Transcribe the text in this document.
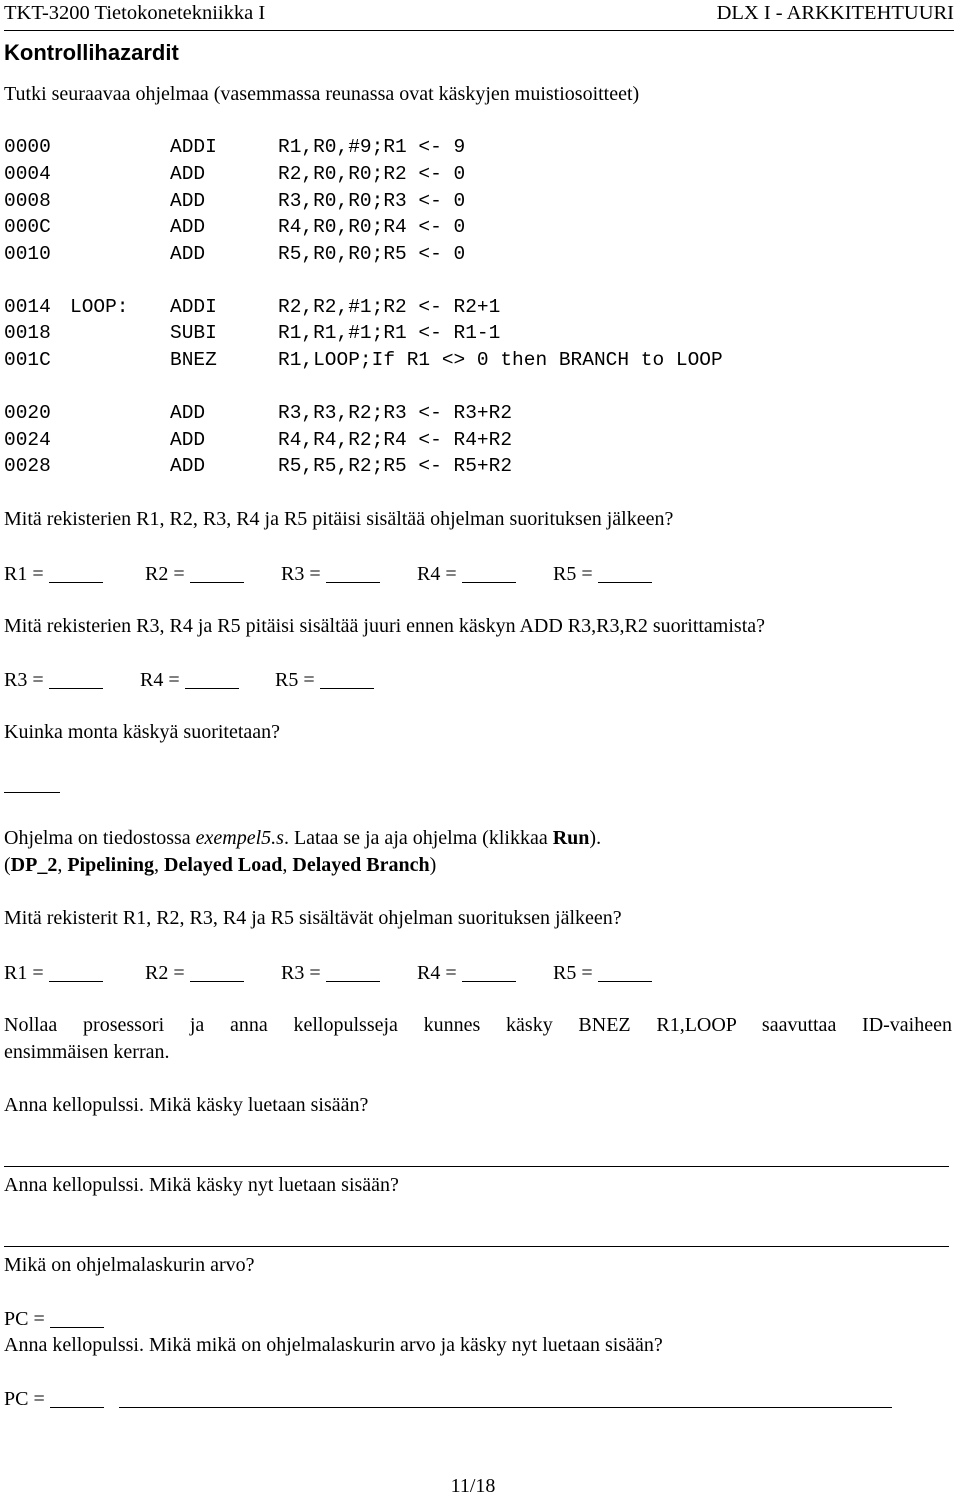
TKT-3200 Tietokonetekniikka I	DLX I - ARKKITEHTUURI
Kontrollihazardit
Tutki seuraavaa ohjelmaa (vasemmassa reunassa ovat käskyjen muistiosoitteet)
0000	ADDI	R1,R0,#9;R1 <- 9
0004	ADD	R2,R0,R0;R2 <- 0
0008	ADD	R3,R0,R0;R3 <- 0
000C	ADD	R4,R0,R0;R4 <- 0
0010	ADD	R5,R0,R0;R5 <- 0
0014 LOOP: ADDI	R2,R2,#1;R2 <- R2+1
0018	SUBI	R1,R1,#1;R1 <- R1-1
001C	BNEZ	R1,LOOP;If R1 <> 0 then BRANCH to LOOP
0020	ADD	R3,R3,R2;R3 <- R3+R2
0024	ADD	R4,R4,R2;R4 <- R4+R2
0028	ADD	R5,R5,R2;R5 <- R5+R2
Mitä rekisterien R1, R2, R3, R4 ja R5 pitäisi sisältää ohjelman suorituksen jälkeen?
R1 =	R2 =	R3 =	R4 =	R5 =
Mitä rekisterien R3, R4 ja R5 pitäisi sisältää juuri ennen käskyn ADD R3,R3,R2 suorittamista?
R3 =	R4 =	R5 =
Kuinka monta käskyä suoritetaan?
Ohjelma on tiedostossa exempel5.s. Lataa se ja aja ohjelma (klikkaa Run).
(DP_2, Pipelining, Delayed Load, Delayed Branch)
Mitä rekisterit R1, R2, R3, R4 ja R5 sisältävät ohjelman suorituksen jälkeen?
R1 =	R2 =	R3 =	R4 =	R5 =
Nollaa prosessori ja anna kellopulsseja kunnes käsky BNEZ R1,LOOP saavuttaa ID-vaiheen
ensimmäisen kerran.
Anna kellopulssi. Mikä käsky luetaan sisään?
Anna kellopulssi. Mikä käsky nyt luetaan sisään?
Mikä on ohjelmalaskurin arvo?
PC =
Anna kellopulssi. Mikä mikä on ohjelmalaskurin arvo ja käsky nyt luetaan sisään?
PC =
11/18
